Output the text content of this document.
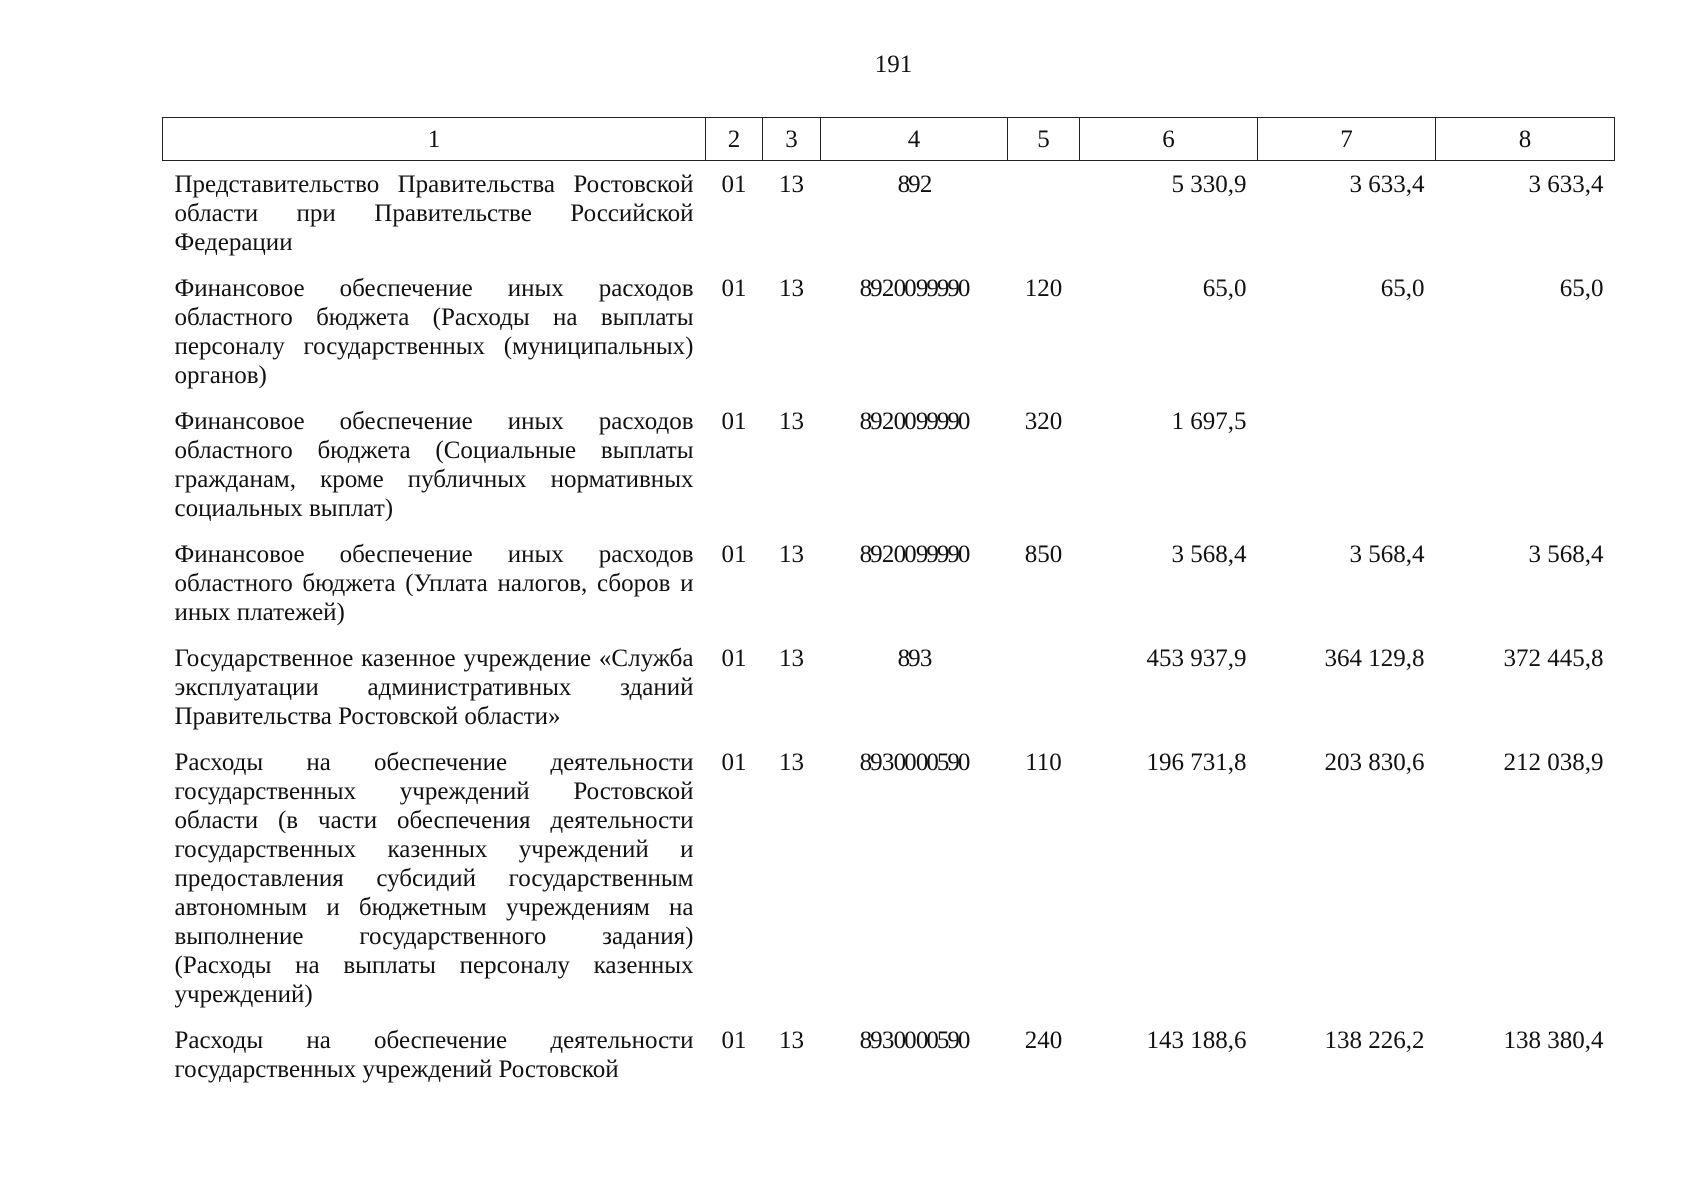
191
1	2	3	4	5	6	7	8
Представительство Правительства Ростовской области при Правительстве Российской Федерации	01	13	89 2		5 330,9	3 633,4	3 633,4
Финансовое обеспечение иных расходов областного бюджета (Расходы на выплаты персоналу государственных (муниципальных) органов)	01	13	89 2 00 99990	120	65,0	65,0	65,0
Финансовое обеспечение иных расходов областного бюджета (Социальные выплаты гражданам, кроме публичных нормативных социальных выплат)	01	13	89 2 00 99990	320	1 697,5		
Финансовое обеспечение иных расходов областного бюджета (Уплата налогов, сборов и иных платежей)	01	13	89 2 00 99990	850	3 568,4	3 568,4	3 568,4
Государственное казенное учреждение «Служба эксплуатации административных зданий Правительства Ростовской области»	01	13	89 3		453 937,9	364 129,8	372 445,8
Расходы на обеспечение деятельности государственных учреждений Ростовской области (в части обеспечения деятельности государственных казенных учреждений и предоставления субсидий государственным автономным и бюджетным учреждениям на выполнение государственного задания) (Расходы на выплаты персоналу казенных учреждений)	01	13	89 3 00 00590	110	196 731,8	203 830,6	212 038,9
Расходы на обеспечение деятельности государственных учреждений Ростовской	01	13	89 3 00 00590	240	143 188,6	138 226,2	138 380,4
